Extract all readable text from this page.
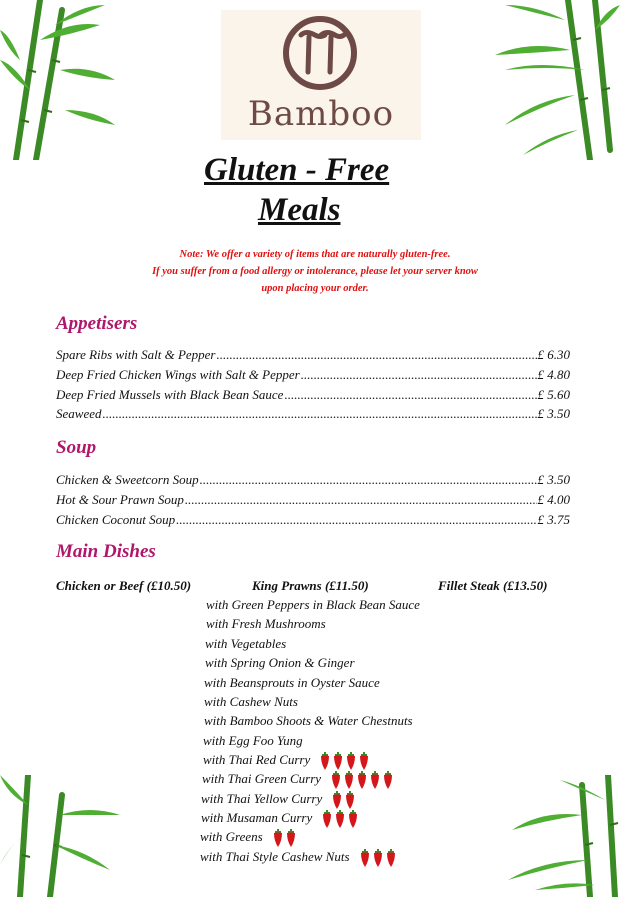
Bamboo
Gluten - Free
Meals
Note: We offer a variety of items that are naturally gluten-free.
If you suffer from a food allergy or intolerance, please let your server know
upon placing your order.
Appetisers
Spare Ribs with Salt & Pepper .....	£ 6.30
Deep Fried Chicken Wings with Salt & Pepper .....	£ 4.80
Deep Fried Mussels with Black Bean Sauce .....	£ 5.60
Seaweed .....	£ 3.50
Soup
Chicken & Sweetcorn Soup .....	£ 3.50
Hot & Sour Prawn Soup .....	£ 4.00
Chicken Coconut Soup .....	£ 3.75
Main Dishes
Chicken or Beef (£10.50)	King Prawns (£11.50)	Fillet Steak (£13.50)
with Green Peppers in Black Bean Sauce
with Fresh Mushrooms
with Vegetables
with Spring Onion & Ginger
with Beansprouts in Oyster Sauce
with Cashew Nuts
with Bamboo Shoots & Water Chestnuts
with Egg Foo Yung
with Thai Red Curry
with Thai Green Curry
with Thai Yellow Curry
with Musaman Curry
with Greens
with Thai Style Cashew Nuts
